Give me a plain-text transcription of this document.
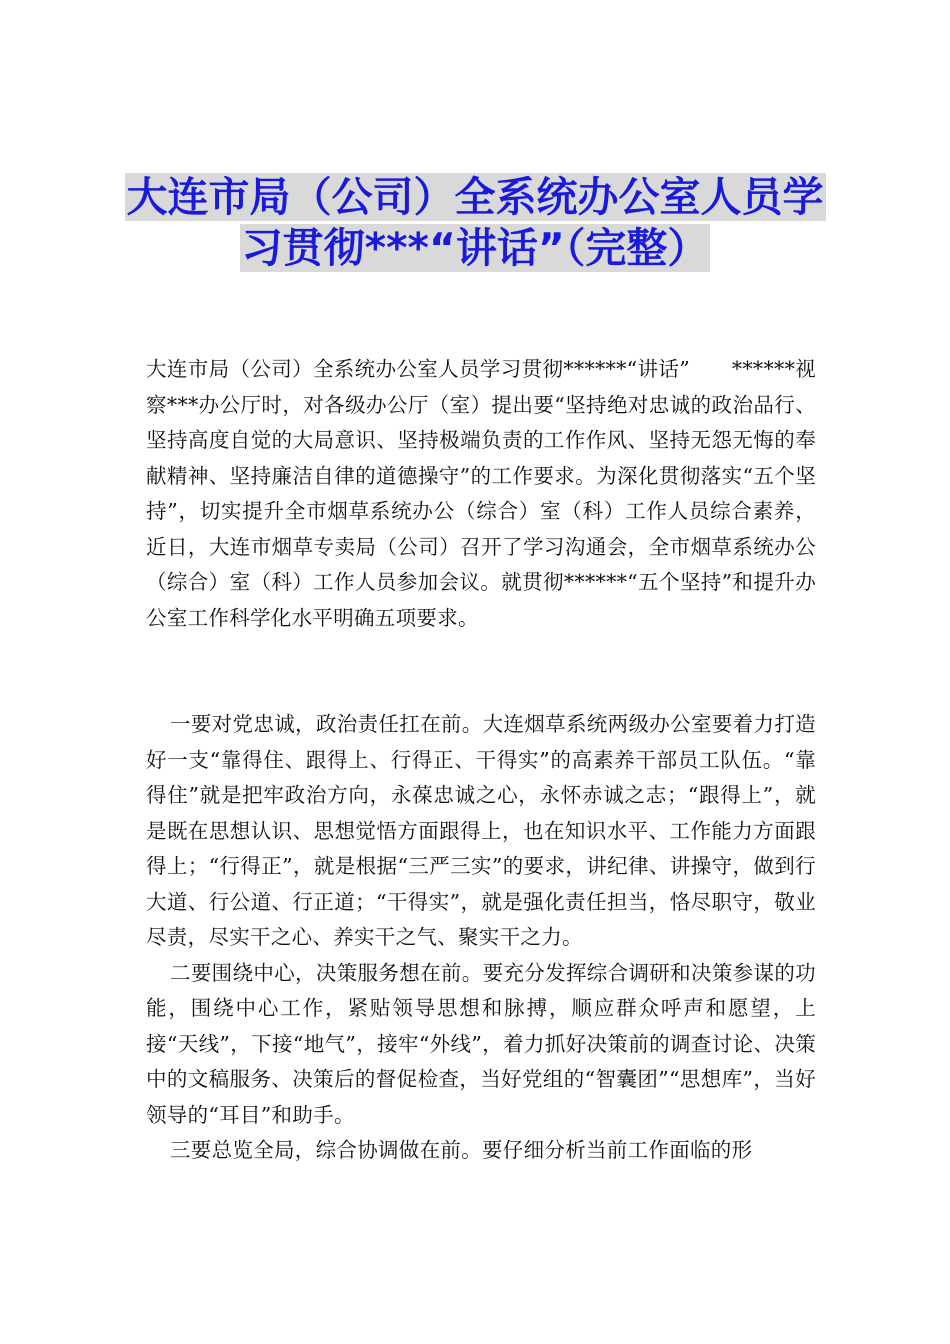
大连市局（公司）全系统办公室人员学
习贯彻***“讲话”（完整）

大连市局（公司）全系统办公室人员学习贯彻******“讲话”　　******视察***办公厅时，对各级办公厅（室）提出要“坚持绝对忠诚的政治品行、坚持高度自觉的大局意识、坚持极端负责的工作作风、坚持无怨无悔的奉献精神、坚持廉洁自律的道德操守”的工作要求。为深化贯彻落实“五个坚持”，切实提升全市烟草系统办公（综合）室（科）工作人员综合素养，近日，大连市烟草专卖局（公司）召开了学习沟通会，全市烟草系统办公（综合）室（科）工作人员参加会议。就贯彻******“五个坚持”和提升办公室工作科学化水平明确五项要求。

一要对党忠诚，政治责任扛在前。大连烟草系统两级办公室要着力打造好一支“靠得住、跟得上、行得正、干得实”的高素养干部员工队伍。“靠得住”就是把牢政治方向，永葆忠诚之心，永怀赤诚之志；“跟得上”，就是既在思想认识、思想觉悟方面跟得上，也在知识水平、工作能力方面跟得上；“行得正”，就是根据“三严三实”的要求，讲纪律、讲操守，做到行大道、行公道、行正道；“干得实”，就是强化责任担当，恪尽职守，敬业尽责，尽实干之心、养实干之气、聚实干之力。

二要围绕中心，决策服务想在前。要充分发挥综合调研和决策参谋的功能，围绕中心工作，紧贴领导思想和脉搏，顺应群众呼声和愿望，上接“天线”，下接“地气”，接牢“外线”，着力抓好决策前的调查讨论、决策中的文稿服务、决策后的督促检查，当好党组的“智囊团”“思想库”，当好领导的“耳目”和助手。

三要总览全局，综合协调做在前。要仔细分析当前工作面临的形
